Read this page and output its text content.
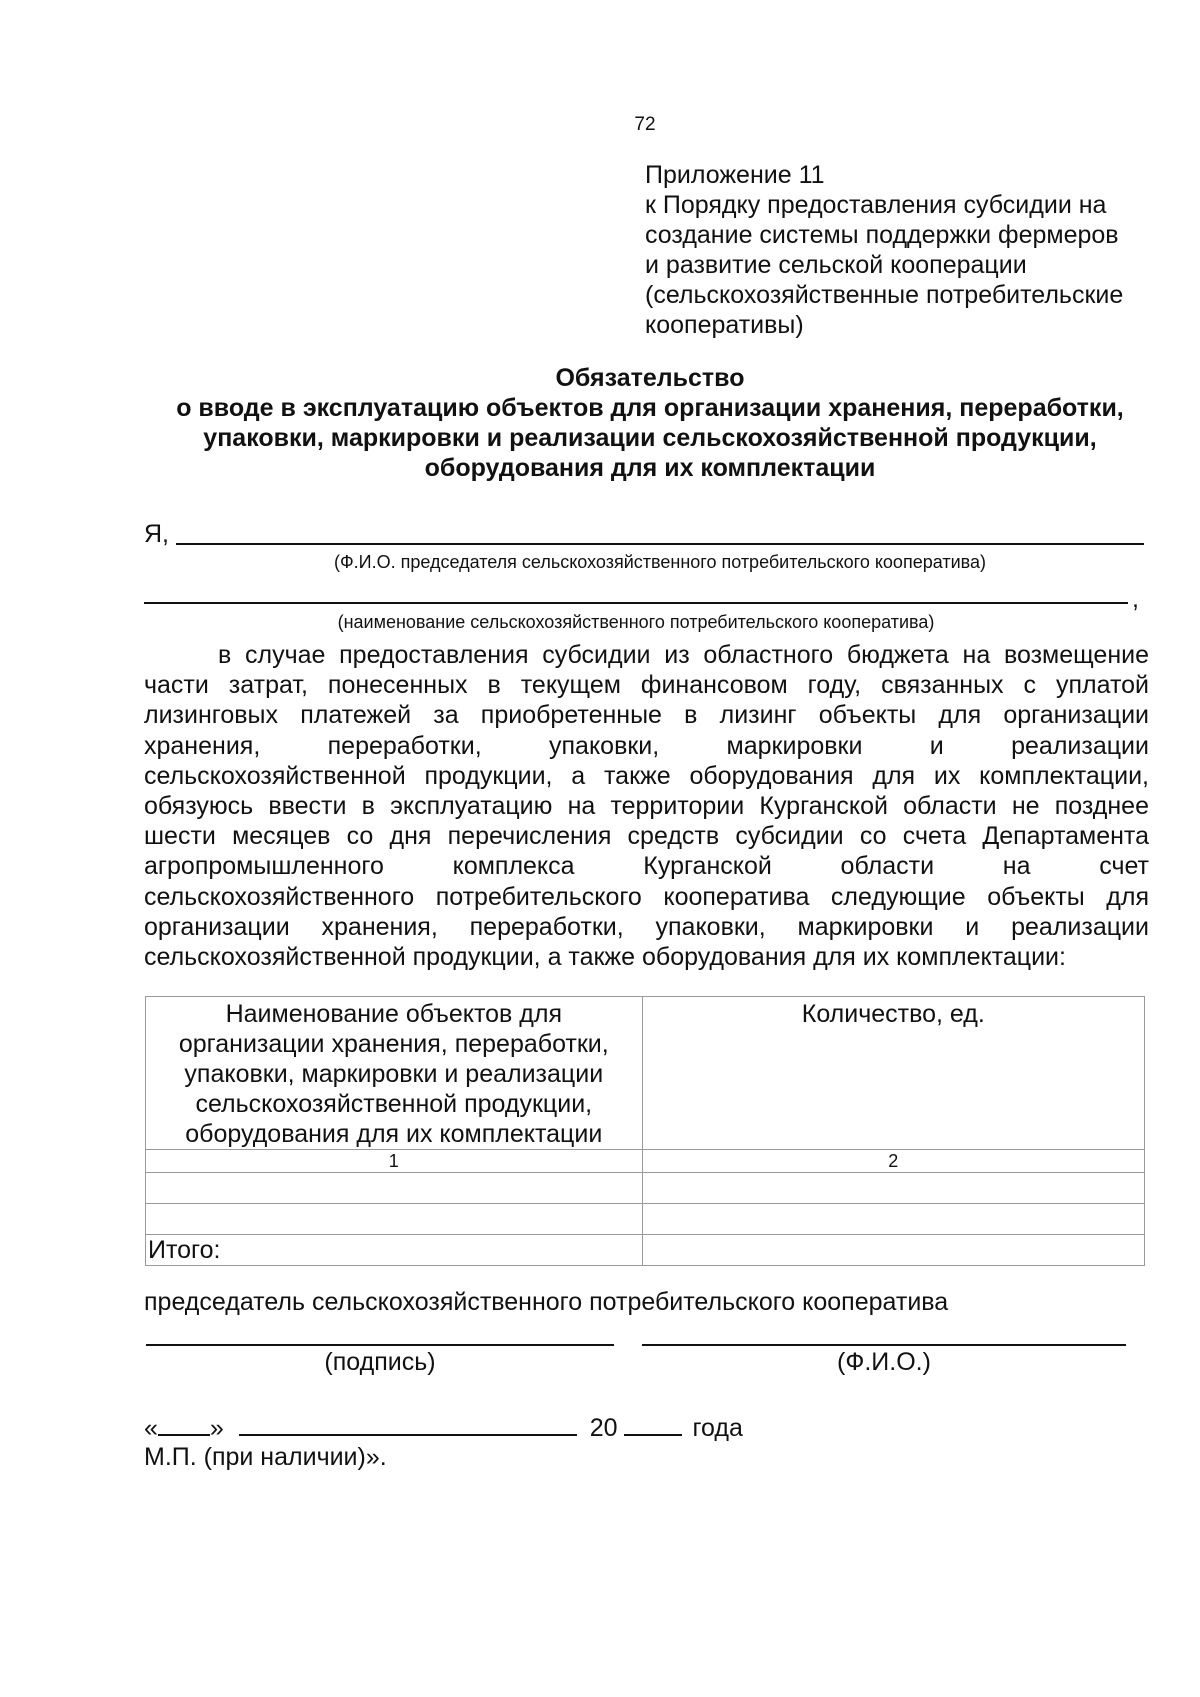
72
Приложение 11
к Порядку предоставления субсидии на
создание системы поддержки фермеров
и развитие сельской кооперации
(сельскохозяйственные потребительские
кооперативы)
Обязательство
о вводе в эксплуатацию объектов для организации хранения, переработки,
упаковки, маркировки и реализации сельскохозяйственной продукции,
оборудования для их комплектации
Я,
(Ф.И.О. председателя сельскохозяйственного потребительского кооператива)
,
(наименование сельскохозяйственного потребительского кооператива)
в случае предоставления субсидии из областного бюджета на возмещение
части затрат, понесенных в текущем финансовом году, связанных с уплатой
лизинговых платежей за приобретенные в лизинг объекты для организации
хранения, переработки, упаковки, маркировки и реализации
сельскохозяйственной продукции, а также оборудования для их комплектации,
обязуюсь ввести в эксплуатацию на территории Курганской области не позднее
шести месяцев со дня перечисления средств субсидии со счета Департамента
агропромышленного комплекса Курганской области на счет
сельскохозяйственного потребительского кооператива следующие объекты для
организации хранения, переработки, упаковки, маркировки и реализации
сельскохозяйственной продукции, а также оборудования для их комплектации:
Наименование объектов для
организации хранения, переработки,
упаковки, маркировки и реализации
сельскохозяйственной продукции,
оборудования для их комплектации	Количество, ед.

1	2

Итого:	
председатель сельскохозяйственного потребительского кооператива
(подпись)	(Ф.И.О.)
« »	20	года
М.П. (при наличии)».
